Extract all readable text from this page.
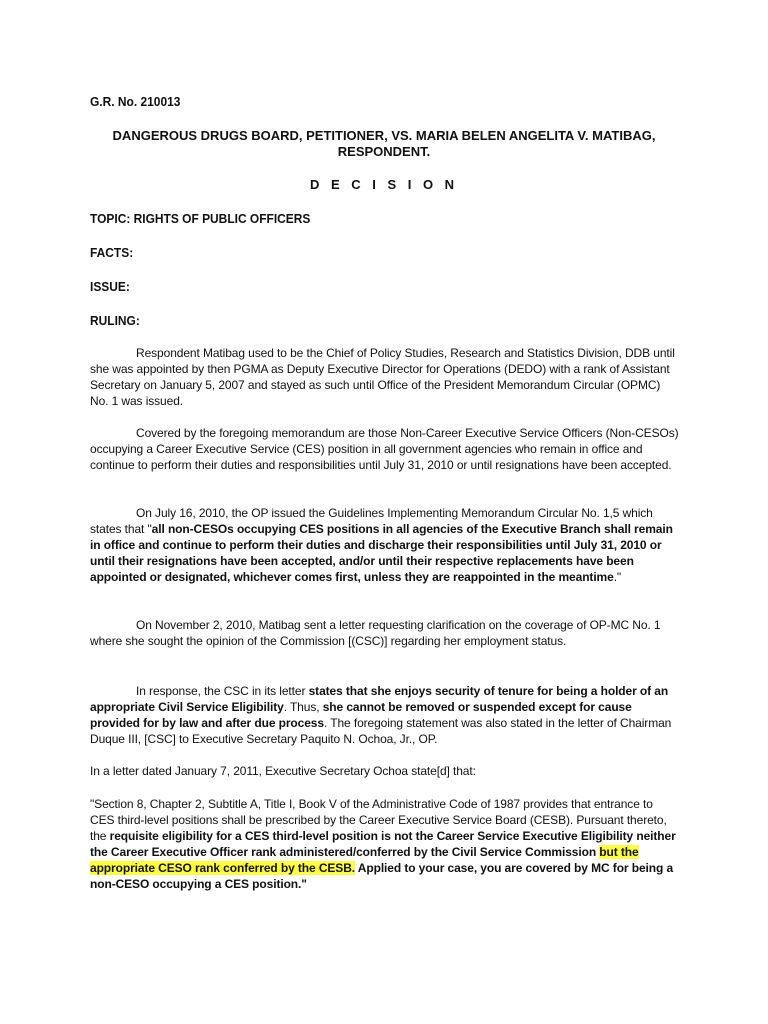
G.R. No. 210013

DANGEROUS DRUGS BOARD, PETITIONER, VS. MARIA BELEN ANGELITA V. MATIBAG, RESPONDENT.

D E C I S I O N

TOPIC: RIGHTS OF PUBLIC OFFICERS

FACTS:

ISSUE:

RULING:

Respondent Matibag used to be the Chief of Policy Studies, Research and Statistics Division, DDB until she was appointed by then PGMA as Deputy Executive Director for Operations (DEDO) with a rank of Assistant Secretary on January 5, 2007 and stayed as such until Office of the President Memorandum Circular (OPMC) No. 1 was issued.

Covered by the foregoing memorandum are those Non-Career Executive Service Officers (Non-CESOs) occupying a Career Executive Service (CES) position in all government agencies who remain in office and continue to perform their duties and responsibilities until July 31, 2010 or until resignations have been accepted.

On July 16, 2010, the OP issued the Guidelines Implementing Memorandum Circular No. 1,5 which states that "all non-CESOs occupying CES positions in all agencies of the Executive Branch shall remain in office and continue to perform their duties and discharge their responsibilities until July 31, 2010 or until their resignations have been accepted, and/or until their respective replacements have been appointed or designated, whichever comes first, unless they are reappointed in the meantime."

On November 2, 2010, Matibag sent a letter requesting clarification on the coverage of OP-MC No. 1 where she sought the opinion of the Commission [(CSC)] regarding her employment status.

In response, the CSC in its letter states that she enjoys security of tenure for being a holder of an appropriate Civil Service Eligibility. Thus, she cannot be removed or suspended except for cause provided for by law and after due process. The foregoing statement was also stated in the letter of Chairman Duque III, [CSC] to Executive Secretary Paquito N. Ochoa, Jr., OP.

In a letter dated January 7, 2011, Executive Secretary Ochoa state[d] that:

"Section 8, Chapter 2, Subtitle A, Title I, Book V of the Administrative Code of 1987 provides that entrance to CES third-level positions shall be prescribed by the Career Executive Service Board (CESB). Pursuant thereto, the requisite eligibility for a CES third-level position is not the Career Service Executive Eligibility neither the Career Executive Officer rank administered/conferred by the Civil Service Commission but the appropriate CESO rank conferred by the CESB. Applied to your case, you are covered by MC for being a non-CESO occupying a CES position."
